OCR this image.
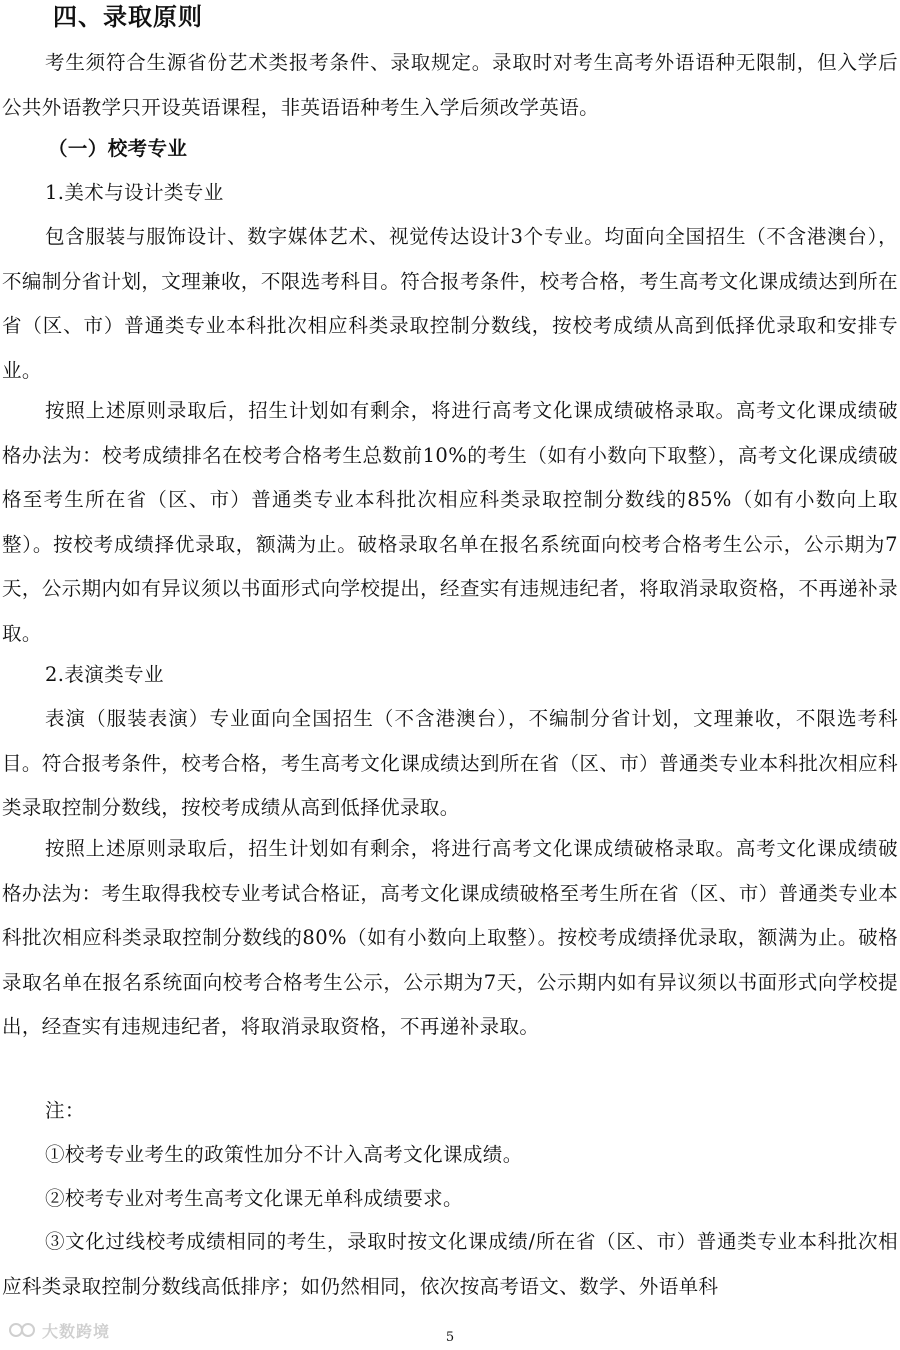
四、录取原则

考生须符合生源省份艺术类报考条件、录取规定。录取时对考生高考外语语种无限制，但入学后公共外语教学只开设英语课程，非英语语种考生入学后须改学英语。

（一）校考专业
1.美术与设计类专业

包含服装与服饰设计、数字媒体艺术、视觉传达设计3个专业。均面向全国招生（不含港澳台），不编制分省计划，文理兼收，不限选考科目。符合报考条件，校考合格，考生高考文化课成绩达到所在省（区、市）普通类专业本科批次相应科类录取控制分数线，按校考成绩从高到低择优录取和安排专业。

按照上述原则录取后，招生计划如有剩余，将进行高考文化课成绩破格录取。高考文化课成绩破格办法为：校考成绩排名在校考合格考生总数前10%的考生（如有小数向下取整），高考文化课成绩破格至考生所在省（区、市）普通类专业本科批次相应科类录取控制分数线的85%（如有小数向上取整）。按校考成绩择优录取，额满为止。破格录取名单在报名系统面向校考合格考生公示，公示期为7天，公示期内如有异议须以书面形式向学校提出，经查实有违规违纪者，将取消录取资格，不再递补录取。

2.表演类专业

表演（服装表演）专业面向全国招生（不含港澳台），不编制分省计划，文理兼收，不限选考科目。符合报考条件，校考合格，考生高考文化课成绩达到所在省（区、市）普通类专业本科批次相应科类录取控制分数线，按校考成绩从高到低择优录取。

按照上述原则录取后，招生计划如有剩余，将进行高考文化课成绩破格录取。高考文化课成绩破格办法为：考生取得我校专业考试合格证，高考文化课成绩破格至考生所在省（区、市）普通类专业本科批次相应科类录取控制分数线的80%（如有小数向上取整）。按校考成绩择优录取，额满为止。破格录取名单在报名系统面向校考合格考生公示，公示期为7天，公示期内如有异议须以书面形式向学校提出，经查实有违规违纪者，将取消录取资格，不再递补录取。

注：
①校考专业考生的政策性加分不计入高考文化课成绩。
②校考专业对考生高考文化课无单科成绩要求。

③文化过线校考成绩相同的考生，录取时按文化课成绩/所在省（区、市）普通类专业本科批次相应科类录取控制分数线高低排序；如仍然相同，依次按高考语文、数学、外语单科

大数跨境	5
